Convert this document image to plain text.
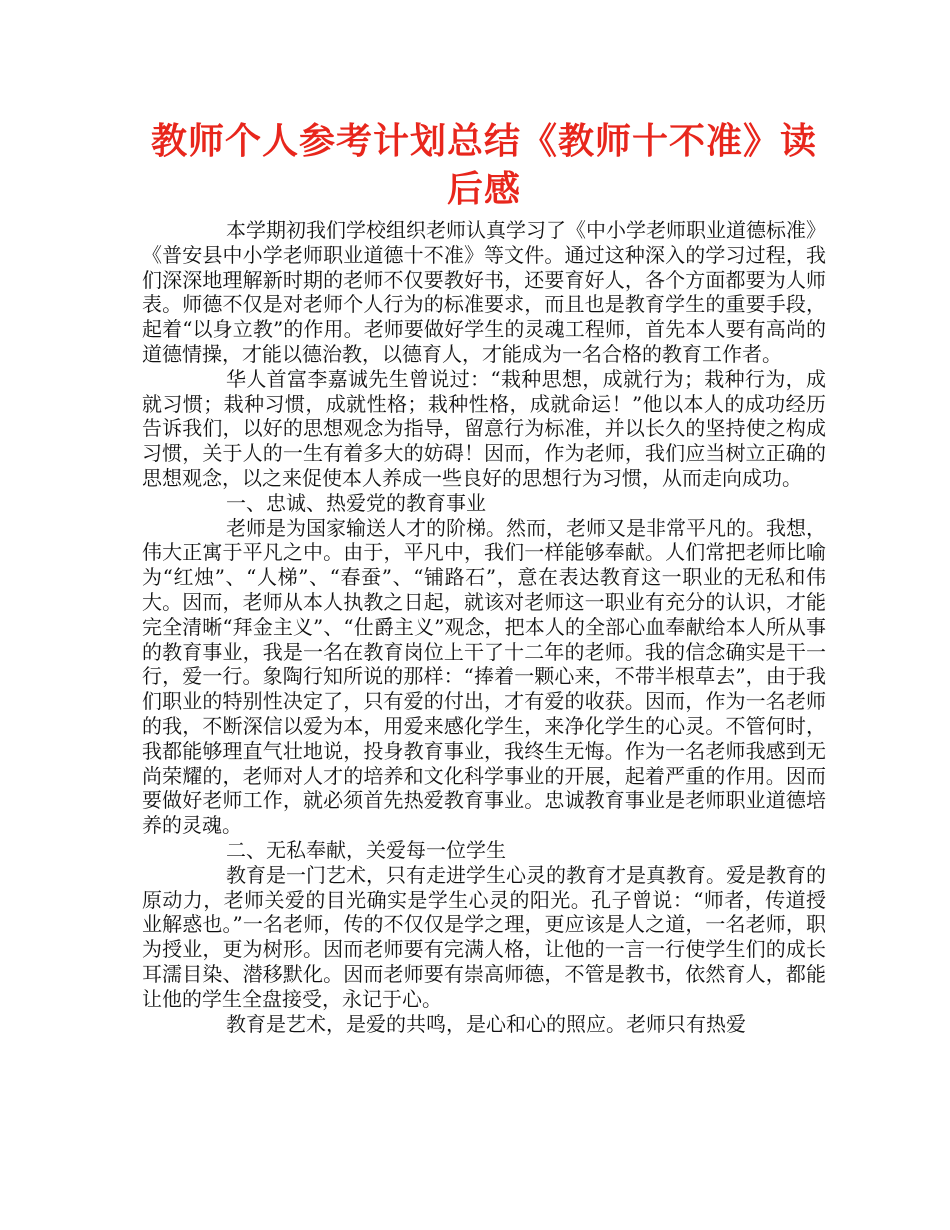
教师个人参考计划总结《教师十不准》读后感

本学期初我们学校组织老师认真学习了《中小学老师职业道德标准》《普安县中小学老师职业道德十不准》等文件。通过这种深入的学习过程，我们深深地理解新时期的老师不仅要教好书，还要育好人，各个方面都要为人师表。师德不仅是对老师个人行为的标准要求，而且也是教育学生的重要手段，起着“以身立教”的作用。老师要做好学生的灵魂工程师，首先本人要有高尚的道德情操，才能以德治教，以德育人，才能成为一名合格的教育工作者。

华人首富李嘉诚先生曾说过：“栽种思想，成就行为；栽种行为，成就习惯；栽种习惯，成就性格；栽种性格，成就命运！”他以本人的成功经历告诉我们，以好的思想观念为指导，留意行为标准，并以长久的坚持使之构成习惯，关于人的一生有着多大的妨碍！因而，作为老师，我们应当树立正确的思想观念，以之来促使本人养成一些良好的思想行为习惯，从而走向成功。

一、忠诚、热爱党的教育事业

老师是为国家输送人才的阶梯。然而，老师又是非常平凡的。我想，伟大正寓于平凡之中。由于，平凡中，我们一样能够奉献。人们常把老师比喻为“红烛”、“人梯”、“春蚕”、“铺路石”，意在表达教育这一职业的无私和伟大。因而，老师从本人执教之日起，就该对老师这一职业有充分的认识，才能完全清晰“拜金主义”、“仕爵主义”观念，把本人的全部心血奉献给本人所从事的教育事业，我是一名在教育岗位上干了十二年的老师。我的信念确实是干一行，爱一行。象陶行知所说的那样：“捧着一颗心来，不带半根草去”，由于我们职业的特别性决定了，只有爱的付出，才有爱的收获。因而，作为一名老师的我，不断深信以爱为本，用爱来感化学生，来净化学生的心灵。不管何时，我都能够理直气壮地说，投身教育事业，我终生无悔。作为一名老师我感到无尚荣耀的，老师对人才的培养和文化科学事业的开展，起着严重的作用。因而要做好老师工作，就必须首先热爱教育事业。忠诚教育事业是老师职业道德培养的灵魂。

二、无私奉献，关爱每一位学生

教育是一门艺术，只有走进学生心灵的教育才是真教育。爱是教育的原动力，老师关爱的目光确实是学生心灵的阳光。孔子曾说：“师者，传道授业解惑也。”一名老师，传的不仅仅是学之理，更应该是人之道，一名老师，职为授业，更为树形。因而老师要有完满人格，让他的一言一行使学生们的成长耳濡目染、潜移默化。因而老师要有崇高师德，不管是教书，依然育人，都能让他的学生全盘接受，永记于心。

教育是艺术，是爱的共鸣，是心和心的照应。老师只有热爱
